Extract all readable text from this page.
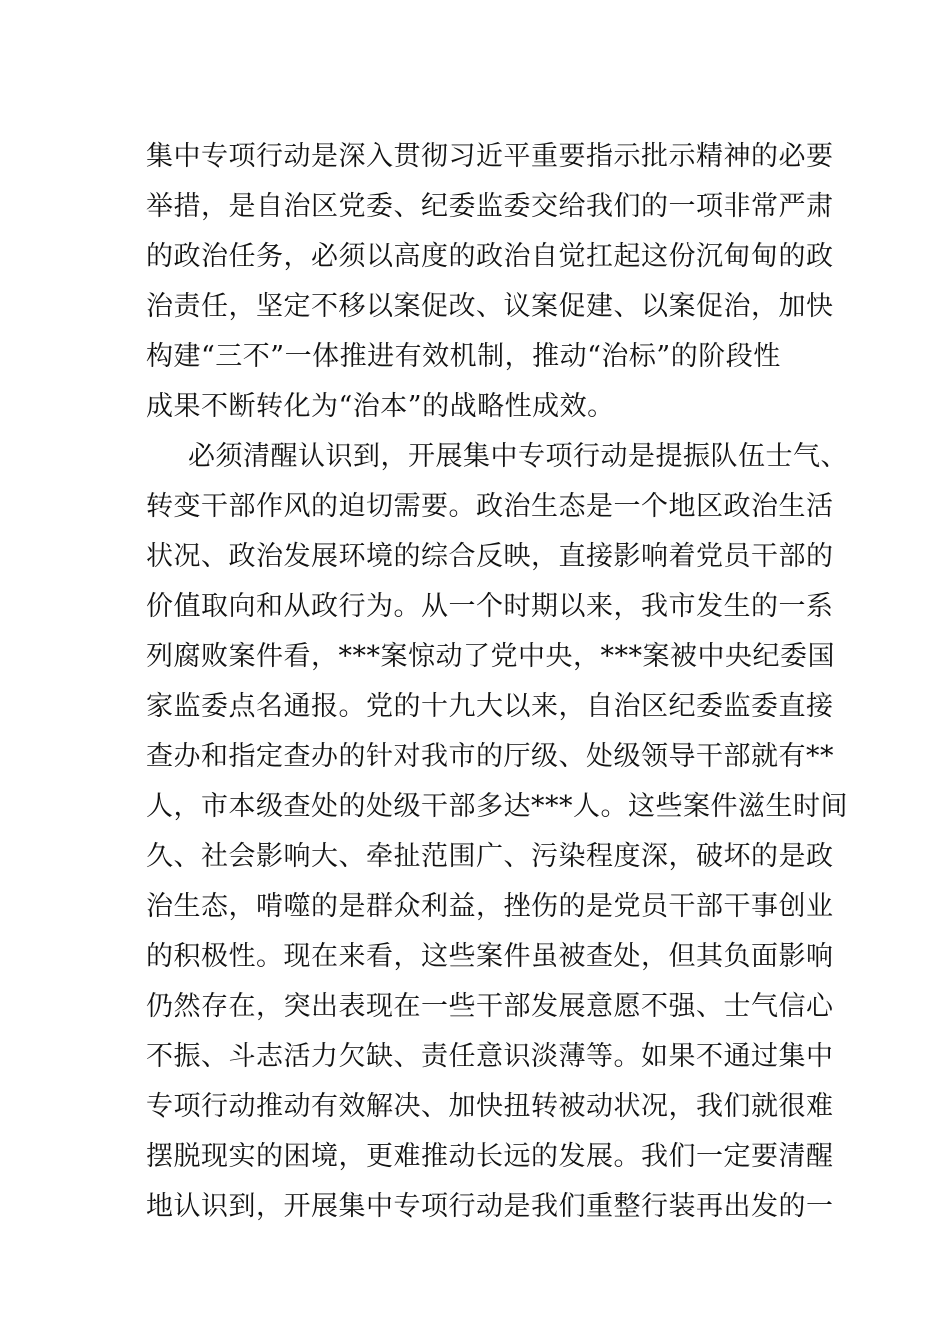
集中专项行动是深入贯彻习近平重要指示批示精神的必要
举措，是自治区党委、纪委监委交给我们的一项非常严肃
的政治任务，必须以高度的政治自觉扛起这份沉甸甸的政
治责任，坚定不移以案促改、议案促建、以案促治，加快
构建“三不”一体推进有效机制，推动“治标”的阶段性
成果不断转化为“治本”的战略性成效。
必须清醒认识到，开展集中专项行动是提振队伍士气、
转变干部作风的迫切需要。政治生态是一个地区政治生活
状况、政治发展环境的综合反映，直接影响着党员干部的
价值取向和从政行为。从一个时期以来，我市发生的一系
列腐败案件看，***案惊动了党中央，***案被中央纪委国
家监委点名通报。党的十九大以来，自治区纪委监委直接
查办和指定查办的针对我市的厅级、处级领导干部就有**
人，市本级查处的处级干部多达***人。这些案件滋生时间
久、社会影响大、牵扯范围广、污染程度深，破坏的是政
治生态，啃噬的是群众利益，挫伤的是党员干部干事创业
的积极性。现在来看，这些案件虽被查处，但其负面影响
仍然存在，突出表现在一些干部发展意愿不强、士气信心
不振、斗志活力欠缺、责任意识淡薄等。如果不通过集中
专项行动推动有效解决、加快扭转被动状况，我们就很难
摆脱现实的困境，更难推动长远的发展。我们一定要清醒
地认识到，开展集中专项行动是我们重整行装再出发的一
